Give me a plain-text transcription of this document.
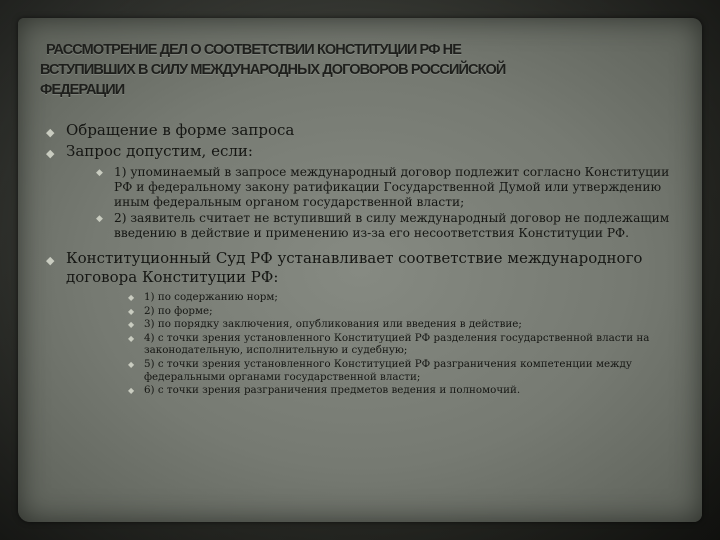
РАССМОТРЕНИЕ ДЕЛ О СООТВЕТСТВИИ КОНСТИТУЦИИ РФ НЕ
ВСТУПИВШИХ В СИЛУ МЕЖДУНАРОДНЫХ ДОГОВОРОВ РОССИЙСКОЙ
ФЕДЕРАЦИИ
◆ Обращение в форме запроса
◆ Запрос допустим, если:
◆ 1) упоминаемый в запросе международный договор подлежит согласно Конституции РФ и федеральному закону ратификации Государственной Думой или утверждению иным федеральным органом государственной власти;
◆ 2) заявитель считает не вступивший в силу международный договор не подлежащим введению в действие и применению из-за его несоответствия Конституции РФ.
◆ Конституционный Суд РФ устанавливает соответствие международного договора Конституции РФ:
◆ 1) по содержанию норм;
◆ 2) по форме;
◆ 3) по порядку заключения, опубликования или введения в действие;
◆ 4) с точки зрения установленного Конституцией РФ разделения государственной власти на законодательную, исполнительную и судебную;
◆ 5) с точки зрения установленного Конституцией РФ разграничения компетенции между федеральными органами государственной власти;
◆ 6) с точки зрения разграничения предметов ведения и полномочий.
